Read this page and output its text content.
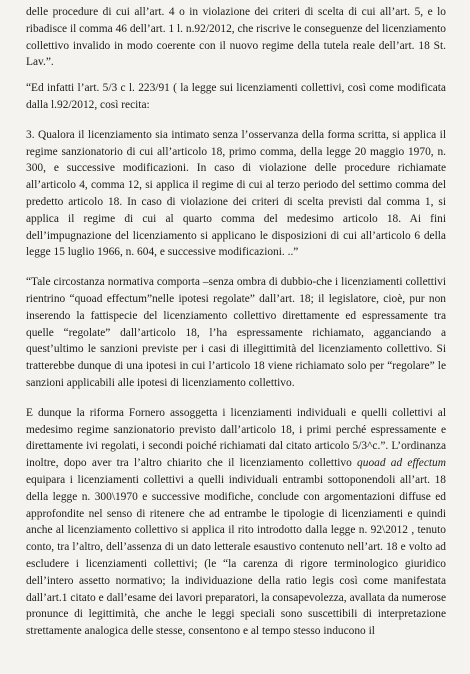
delle procedure di cui all’art. 4 o in violazione dei criteri di scelta di cui all’art. 5, e lo ribadisce il comma 46 dell’art. 1 l. n.92/2012, che riscrive le conseguenze del licenziamento collettivo invalido in modo coerente con il nuovo regime della tutela reale dell’art. 18 St. Lav.”.

“Ed infatti l’art. 5/3 c l. 223/91 ( la legge sui licenziamenti collettivi, così come modificata dalla l.92/2012, così recita:

3. Qualora il licenziamento sia intimato senza l’osservanza della forma scritta, si applica il regime sanzionatorio di cui all’articolo 18, primo comma, della legge 20 maggio 1970, n. 300, e successive modificazioni. In caso di violazione delle procedure richiamate all’articolo 4, comma 12, si applica il regime di cui al terzo periodo del settimo comma del predetto articolo 18. In caso di violazione dei criteri di scelta previsti dal comma 1, si applica il regime di cui al quarto comma del medesimo articolo 18. Ai fini dell’impugnazione del licenziamento si applicano le disposizioni di cui all’articolo 6 della legge 15 luglio 1966, n. 604, e successive modificazioni. ..”

“Tale circostanza normativa comporta –senza ombra di dubbio-che i licenziamenti collettivi rientrino “quoad effectum”nelle ipotesi regolate” dall’art. 18; il legislatore, cioè, pur non inserendo la fattispecie del licenziamento collettivo direttamente ed espressamente tra quelle “regolate” dall’articolo 18, l’ha espressamente richiamato, agganciando a quest’ultimo le sanzioni previste per i casi di illegittimità del licenziamento collettivo. Si tratterebbe dunque di una ipotesi in cui l’articolo 18 viene richiamato solo per “regolare” le sanzioni applicabili alle ipotesi di licenziamento collettivo.

E dunque la riforma Fornero assoggetta i licenziamenti individuali e quelli collettivi al medesimo regime sanzionatorio previsto dall’articolo 18, i primi perché espressamente e direttamente ivi regolati, i secondi poiché richiamati dal citato articolo 5/3^c.”. L’ordinanza inoltre, dopo aver tra l’altro chiarito che il licenziamento collettivo quoad ad effectum equipara i licenziamenti collettivi a quelli individuali entrambi sottoponendoli all’art. 18 della legge n. 300\1970 e successive modifiche, conclude con argomentazioni diffuse ed approfondite nel senso di ritenere che ad entrambe le tipologie di licenziamenti e quindi anche al licenziamento collettivo si applica il rito introdotto dalla legge n. 92\2012 , tenuto conto, tra l’altro, dell’assenza di un dato letterale esaustivo contenuto nell’art. 18 e volto ad escludere i licenziamenti collettivi; (le “la carenza di rigore terminologico giuridico dell’intero assetto normativo; la individuazione della ratio legis così come manifestata dall’art.1 citato e dall’esame dei lavori preparatori, la consapevolezza, avallata da numerose pronunce di legittimità, che anche le leggi speciali sono suscettibili di interpretazione strettamente analogica delle stesse, consentono e al tempo stesso inducono il
